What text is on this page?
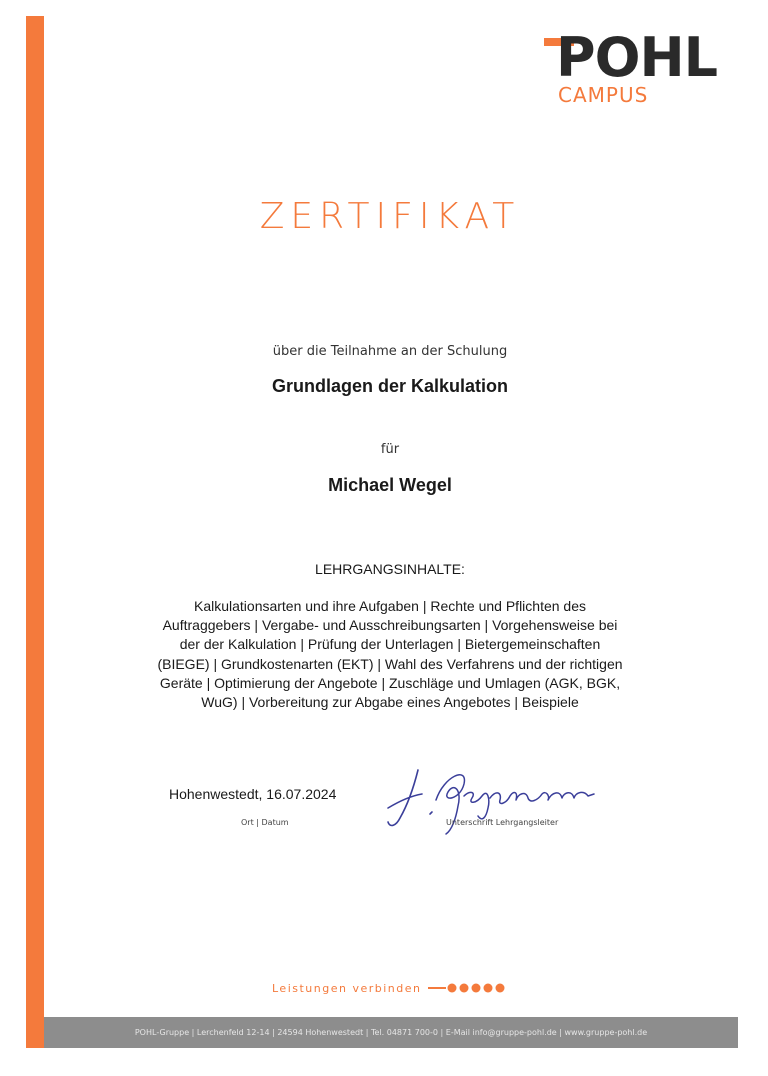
POHL
CAMPUS
ZERTIFIKAT
über die Teilnahme an der Schulung
Grundlagen der Kalkulation
für
Michael Wegel
LEHRGANGSINHALTE:
Kalkulationsarten und ihre Aufgaben | Rechte und Pflichten des
Auftraggebers | Vergabe- und Ausschreibungsarten | Vorgehensweise bei
der der Kalkulation | Prüfung der Unterlagen | Bietergemeinschaften
(BIEGE) | Grundkostenarten (EKT) | Wahl des Verfahrens und der richtigen
Geräte | Optimierung der Angebote | Zuschläge und Umlagen (AGK, BGK,
WuG) | Vorbereitung zur Abgabe eines Angebotes | Beispiele
Hohenwestedt, 16.07.2024
Ort | Datum	Unterschrift Lehrgangsleiter
Leistungen verbinden
POHL-Gruppe | Lerchenfeld 12-14 | 24594 Hohenwestedt | Tel. 04871 700-0 | E-Mail info@gruppe-pohl.de | www.gruppe-pohl.de
